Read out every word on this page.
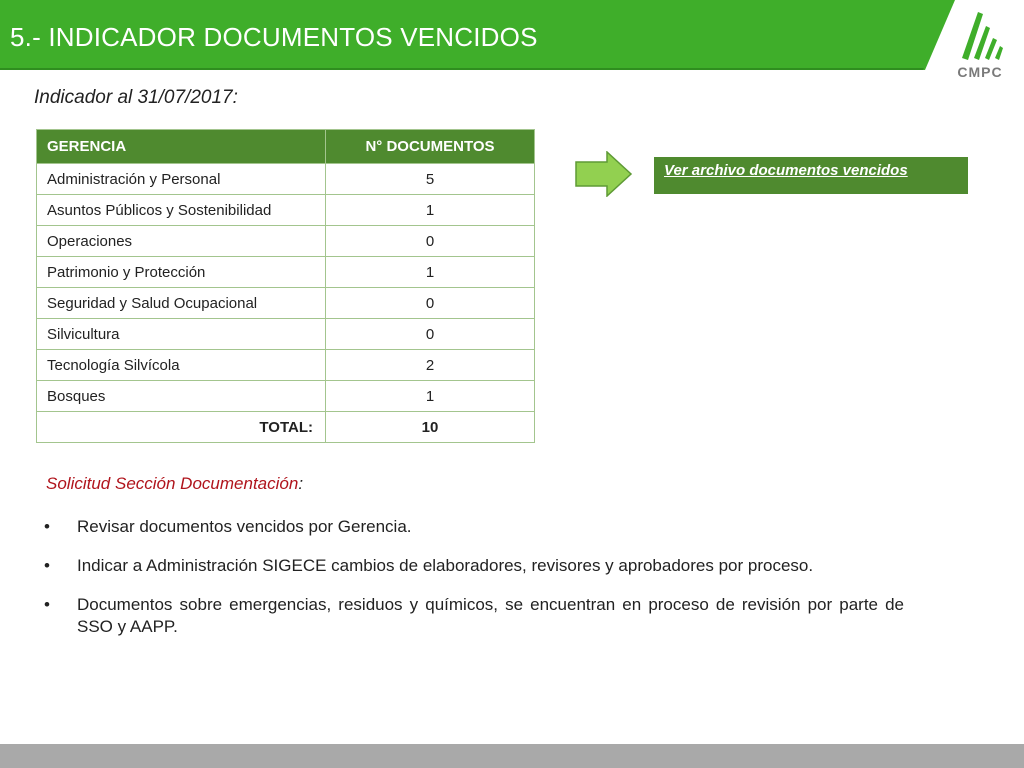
5.- INDICADOR DOCUMENTOS VENCIDOS
CMPC
Indicador al 31/07/2017:
GERENCIA	N° DOCUMENTOS
Administración y Personal	5
Asuntos Públicos y Sostenibilidad	1
Operaciones	0
Patrimonio y Protección	1
Seguridad y Salud Ocupacional	0
Silvicultura	0
Tecnología Silvícola	2
Bosques	1
TOTAL:	10
Ver archivo documentos vencidos
Solicitud Sección Documentación:
• Revisar documentos vencidos por Gerencia.
• Indicar a Administración SIGECE cambios de elaboradores, revisores y aprobadores por proceso.
• Documentos sobre emergencias, residuos y químicos, se encuentran en proceso de revisión por parte de SSO y AAPP.
